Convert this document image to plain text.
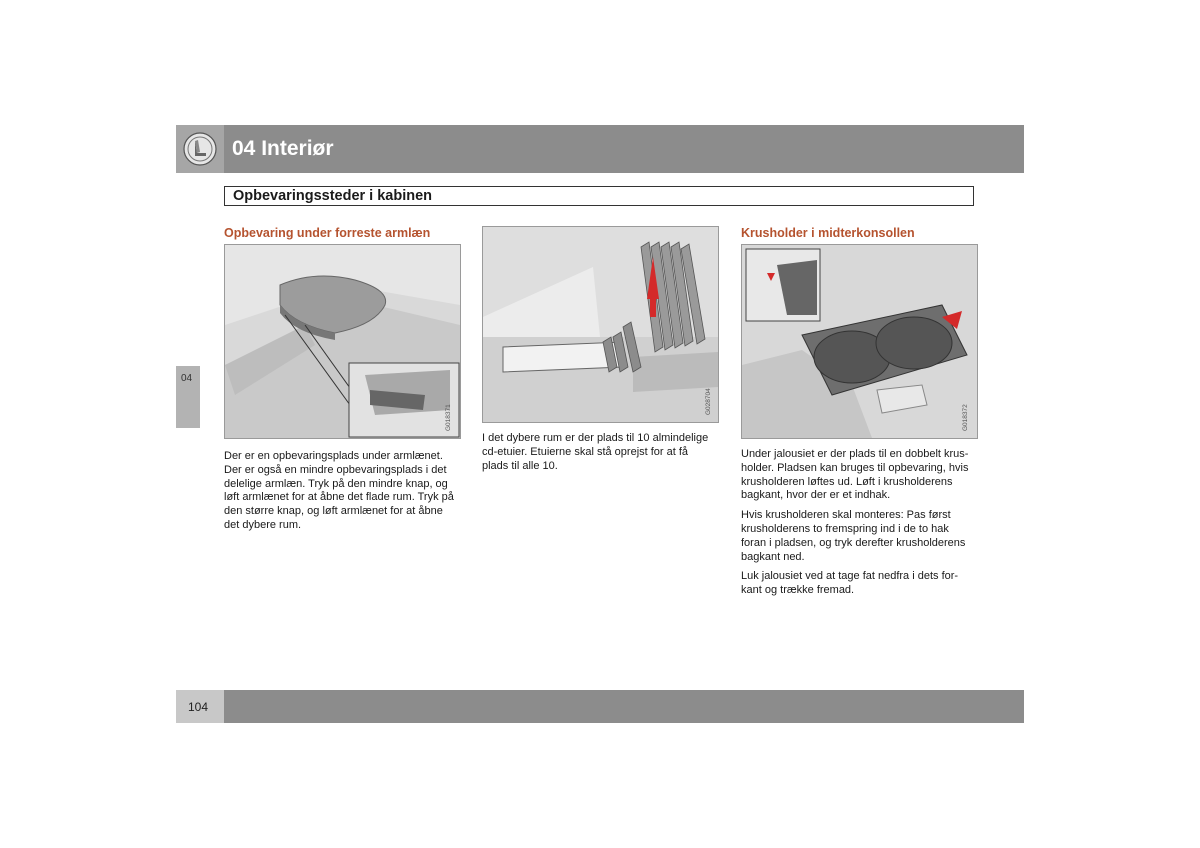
04 Interiør
Opbevaringssteder i kabinen
04
Opbevaring under forreste armlæn
G018371
Der er en opbevaringsplads under armlænet.
Der er også en mindre opbevaringsplads i det
delelige armlæn. Tryk på den mindre knap, og
løft armlænet for at åbne det flade rum. Tryk på
den større knap, og løft armlænet for at åbne
det dybere rum.
G028704
I det dybere rum er der plads til 10 almindelige
cd-etuier. Etuierne skal stå oprejst for at få
plads til alle 10.
Krusholder i midterkonsollen
G018372

Under jalousiet er der plads til en dobbelt krus-
holder. Pladsen kan bruges til opbevaring, hvis
krusholderen løftes ud. Løft i krusholderens
bagkant, hvor der er et indhak.

Hvis krusholderen skal monteres: Pas først
krusholderens to fremspring ind i de to hak
foran i pladsen, og tryk derefter krusholderens
bagkant ned.

Luk jalousiet ved at tage fat nedfra i dets for-
kant og trække fremad.

104
